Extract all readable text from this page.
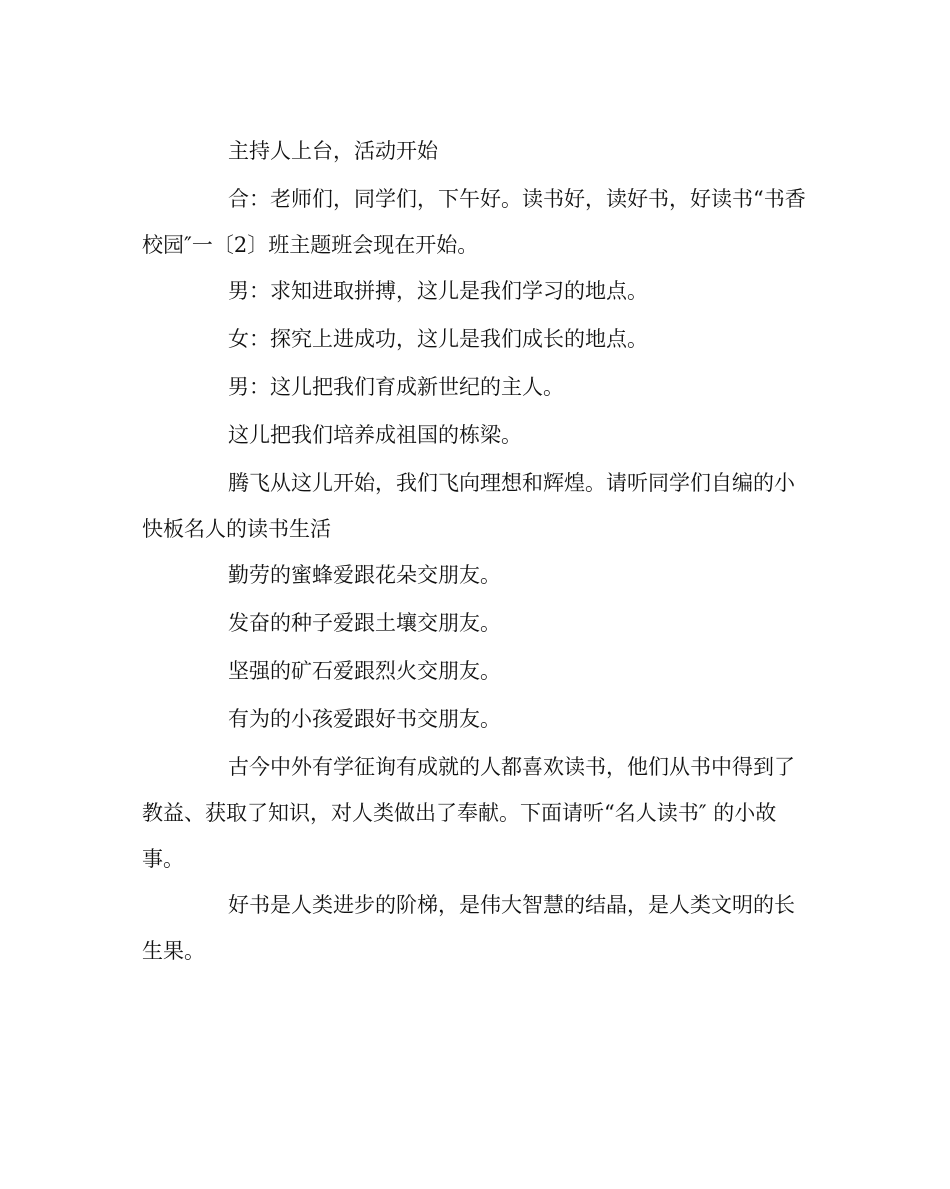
主持人上台，活动开始

合：老师们，同学们，下午好。读书好，读好书，好读书“书香校园″一〔2〕班主题班会现在开始。

男：求知进取拼搏，这儿是我们学习的地点。

女：探究上进成功，这儿是我们成长的地点。

男：这儿把我们育成新世纪的主人。

这儿把我们培养成祖国的栋梁。

腾飞从这儿开始，我们飞向理想和辉煌。请听同学们自编的小快板名人的读书生活

勤劳的蜜蜂爱跟花朵交朋友。

发奋的种子爱跟土壤交朋友。

坚强的矿石爱跟烈火交朋友。

有为的小孩爱跟好书交朋友。

古今中外有学征询有成就的人都喜欢读书，他们从书中得到了教益、获取了知识，对人类做出了奉献。下面请听“名人读书″ 的小故事。

好书是人类进步的阶梯，是伟大智慧的结晶，是人类文明的长生果。
